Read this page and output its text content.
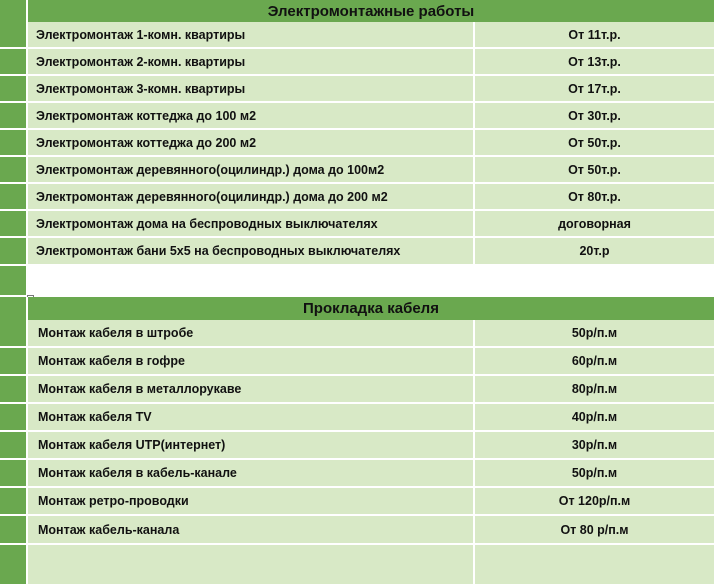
Электромонтажные работы
Электромонтаж 1-комн. квартиры	От 11т.р.
Электромонтаж 2-комн. квартиры	От 13т.р.
Электромонтаж 3-комн. квартиры	От 17т.р.
Электромонтаж коттеджа до 100 м2	От 30т.р.
Электромонтаж коттеджа до 200 м2	От 50т.р.
Электромонтаж деревянного(оцилиндр.) дома до 100м2	От 50т.р.
Электромонтаж деревянного(оцилиндр.) дома до 200 м2	От 80т.р.
Электромонтаж дома на беспроводных выключателях	договорная
Электромонтаж бани 5х5 на беспроводных выключателях	20т.р
Прокладка кабеля
Монтаж кабеля в штробе	50р/п.м
Монтаж кабеля в гофре	60р/п.м
Монтаж кабеля в металлорукаве	80р/п.м
Монтаж кабеля TV	40р/п.м
Монтаж кабеля UTP(интернет)	30р/п.м
Монтаж кабеля в кабель-канале	50р/п.м
Монтаж ретро-проводки	От 120р/п.м
Монтаж кабель-канала	От 80 р/п.м
